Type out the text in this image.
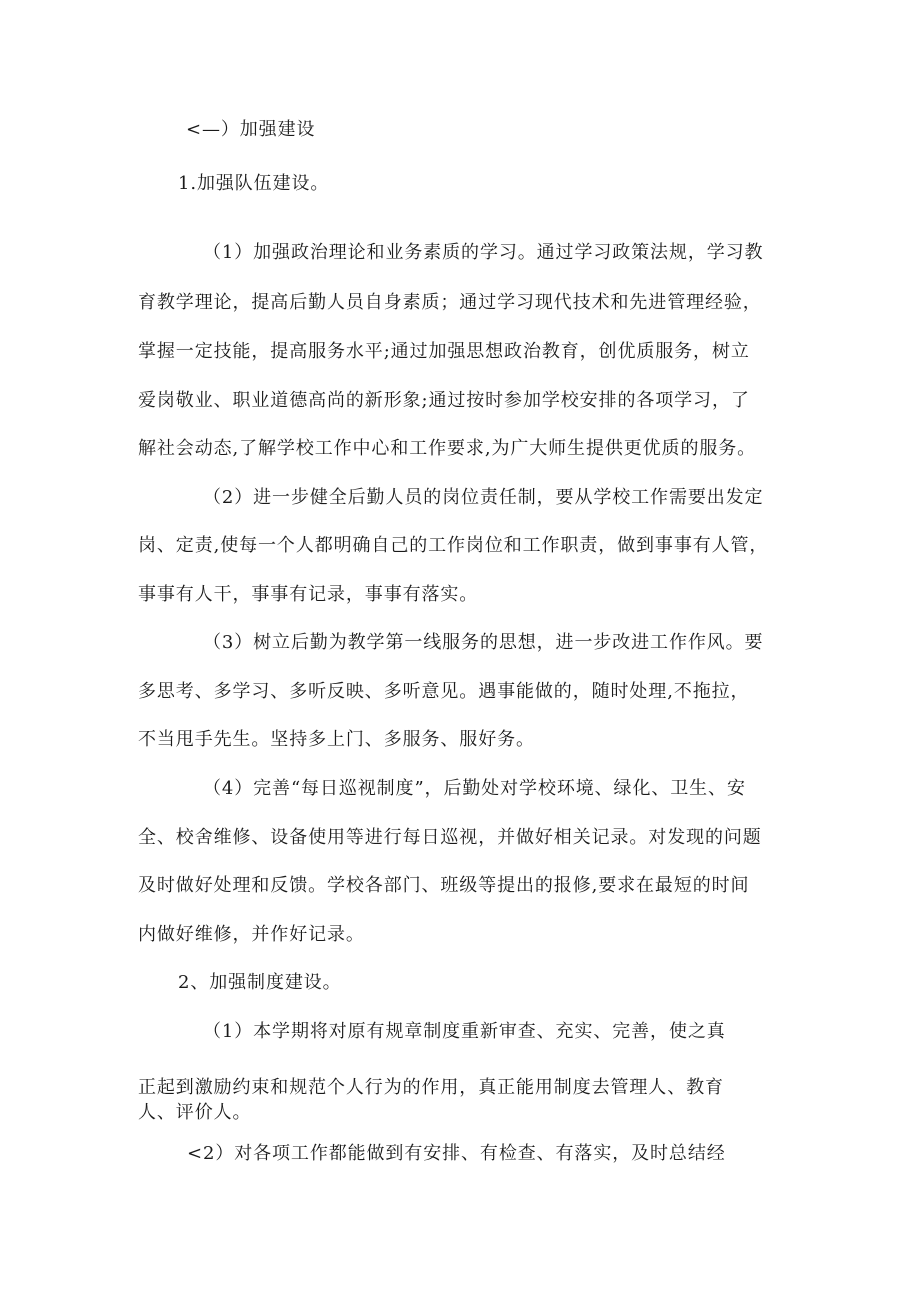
<—）加强建设
1.加强队伍建设。
（1）加强政治理论和业务素质的学习。通过学习政策法规，学习教
育教学理论，提高后勤人员自身素质；通过学习现代技术和先进管理经验，
掌握一定技能，提高服务水平;通过加强思想政治教育，创优质服务，树立
爱岗敬业、职业道德高尚的新形象;通过按时参加学校安排的各项学习，了
解社会动态,了解学校工作中心和工作要求,为广大师生提供更优质的服务。
（2）进一步健全后勤人员的岗位责任制，要从学校工作需要出发定
岗、定责,使每一个人都明确自己的工作岗位和工作职责，做到事事有人管，
事事有人干，事事有记录，事事有落实。
（3）树立后勤为教学第一线服务的思想，进一步改进工作作风。要
多思考、多学习、多听反映、多听意见。遇事能做的，随时处理,不拖拉，
不当甩手先生。坚持多上门、多服务、服好务。
（4）完善“每日巡视制度”，后勤处对学校环境、绿化、卫生、安
全、校舍维修、设备使用等进行每日巡视，并做好相关记录。对发现的问题
及时做好处理和反馈。学校各部门、班级等提出的报修,要求在最短的时间
内做好维修，并作好记录。
2、加强制度建设。
（1）本学期将对原有规章制度重新审查、充实、完善，使之真
正起到激励约束和规范个人行为的作用，真正能用制度去管理人、教育
人、评价人。
<2）对各项工作都能做到有安排、有检查、有落实，及时总结经
